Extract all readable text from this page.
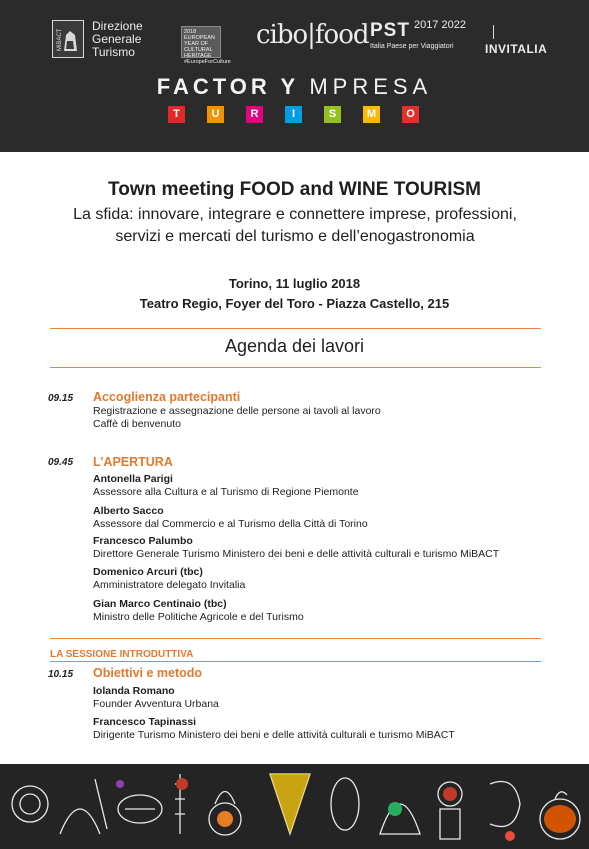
MiBACT
Direzione Generale Turismo
2018 EUROPEAN YEAR OF CULTURAL HERITAGE #EuropeForCulture
cibo|food PST 2017 2022
Italia Paese per Viaggiatori	INVITALIA
FACTOR Y MPRESA
T	U	R	I	S	M	O
Town meeting FOOD and WINE TOURISM
La sfida: innovare, integrare e connettere imprese, professioni, servizi e mercati del turismo e dell’enogastronomia
Torino, 11 luglio 2018
Teatro Regio, Foyer del Toro - Piazza Castello, 215
Agenda dei lavori
09.15 Accoglienza partecipanti
Registrazione e assegnazione delle persone ai tavoli al lavoro
Caffè di benvenuto
09.45 L’APERTURA
Antonella Parigi
Assessore alla Cultura e al Turismo di Regione Piemonte
Alberto Sacco
Assessore dal Commercio e al Turismo della Città di Torino
Francesco Palumbo
Direttore Generale Turismo Ministero dei beni e delle attività culturali e turismo MiBACT
Domenico Arcuri (tbc)
Amministratore delegato Invitalia
Gian Marco Centinaio (tbc)
Ministro delle Politiche Agricole e del Turismo
LA SESSIONE INTRODUTTIVA
10.15 Obiettivi e metodo
Iolanda Romano
Founder Avventura Urbana
Francesco Tapinassi
Dirigente Turismo Ministero dei beni e delle attività culturali e turismo MiBACT
